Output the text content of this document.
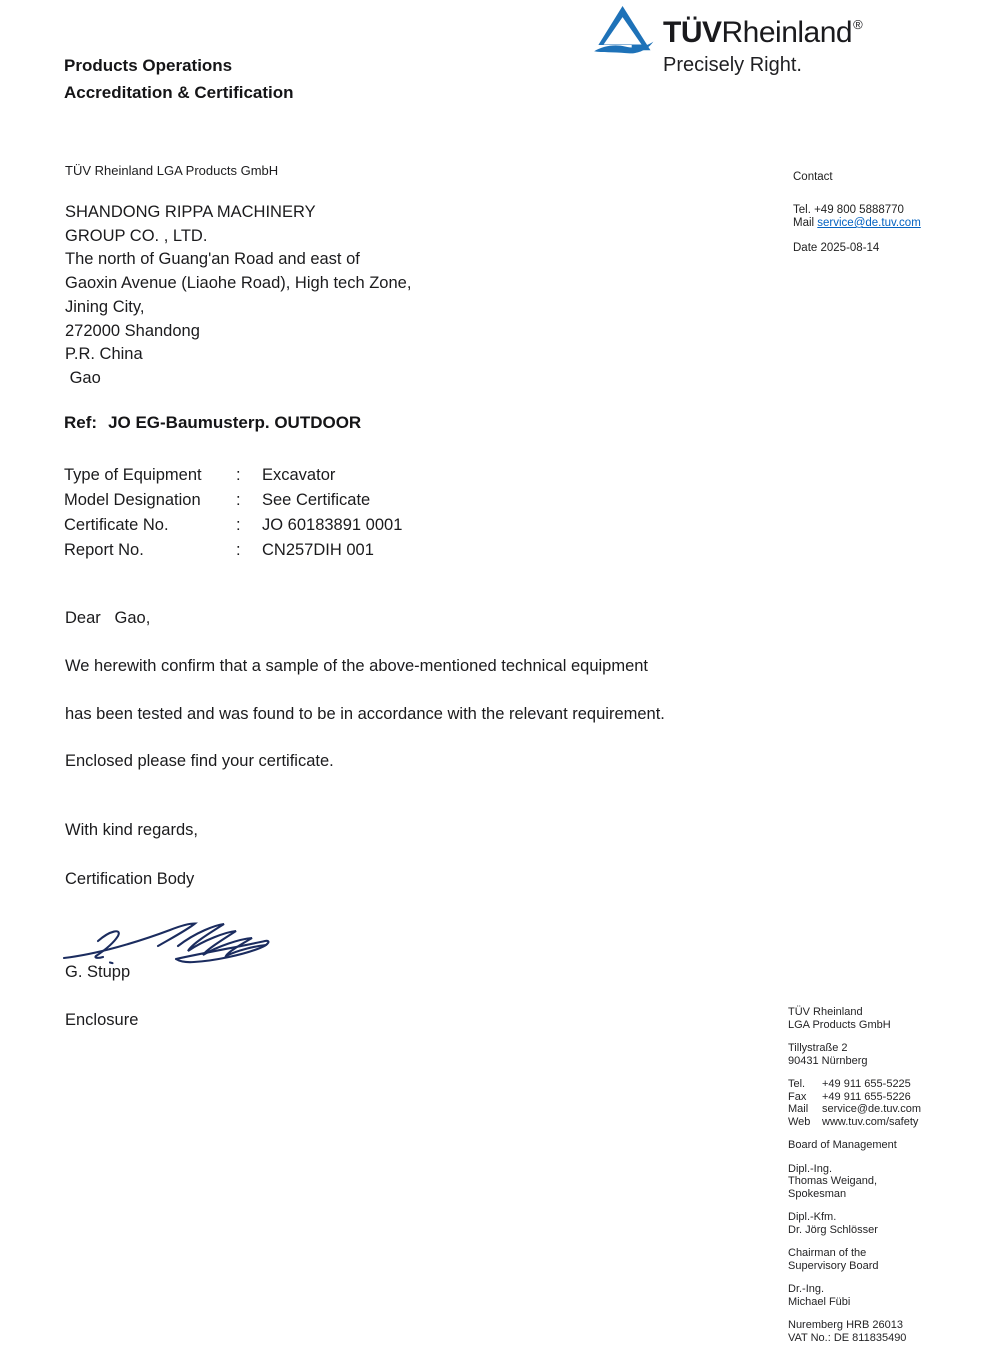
Products Operations
Accreditation & Certification
TÜVRheinland®
Precisely Right.
TÜV Rheinland LGA Products GmbH
SHANDONG RIPPA MACHINERY
GROUP CO. , LTD.
The north of Guang'an Road and east of
Gaoxin Avenue (Liaohe Road), High tech Zone,
Jining City,
272000 Shandong
P.R. China
Gao
Contact
Tel. +49 800 5888770
Mail service@de.tuv.com
Date 2025-08-14
Ref: JO EG-Baumusterp. OUTDOOR
Type of Equipment	:	Excavator
Model Designation	:	See Certificate
Certificate No.	:	JO 60183891 0001
Report No.	:	CN257DIH 001
Dear   Gao,
We herewith confirm that a sample of the above-mentioned technical equipment
has been tested and was found to be in accordance with the relevant requirement.
Enclosed please find your certificate.
With kind regards,
Certification Body
G. Stupp
Enclosure	TÜV Rheinland
LGA Products GmbH
Tillystraße 2
90431 Nürnberg
Tel.	+49 911 655-5225
Fax	+49 911 655-5226
Mail	service@de.tuv.com
Web	www.tuv.com/safety
Board of Management
Dipl.-Ing.
Thomas Weigand,
Spokesman
Dipl.-Kfm.
Dr. Jörg Schlösser
Chairman of the
Supervisory Board
Dr.-Ing.
Michael Fübi
Nuremberg HRB 26013
VAT No.: DE 811835490
